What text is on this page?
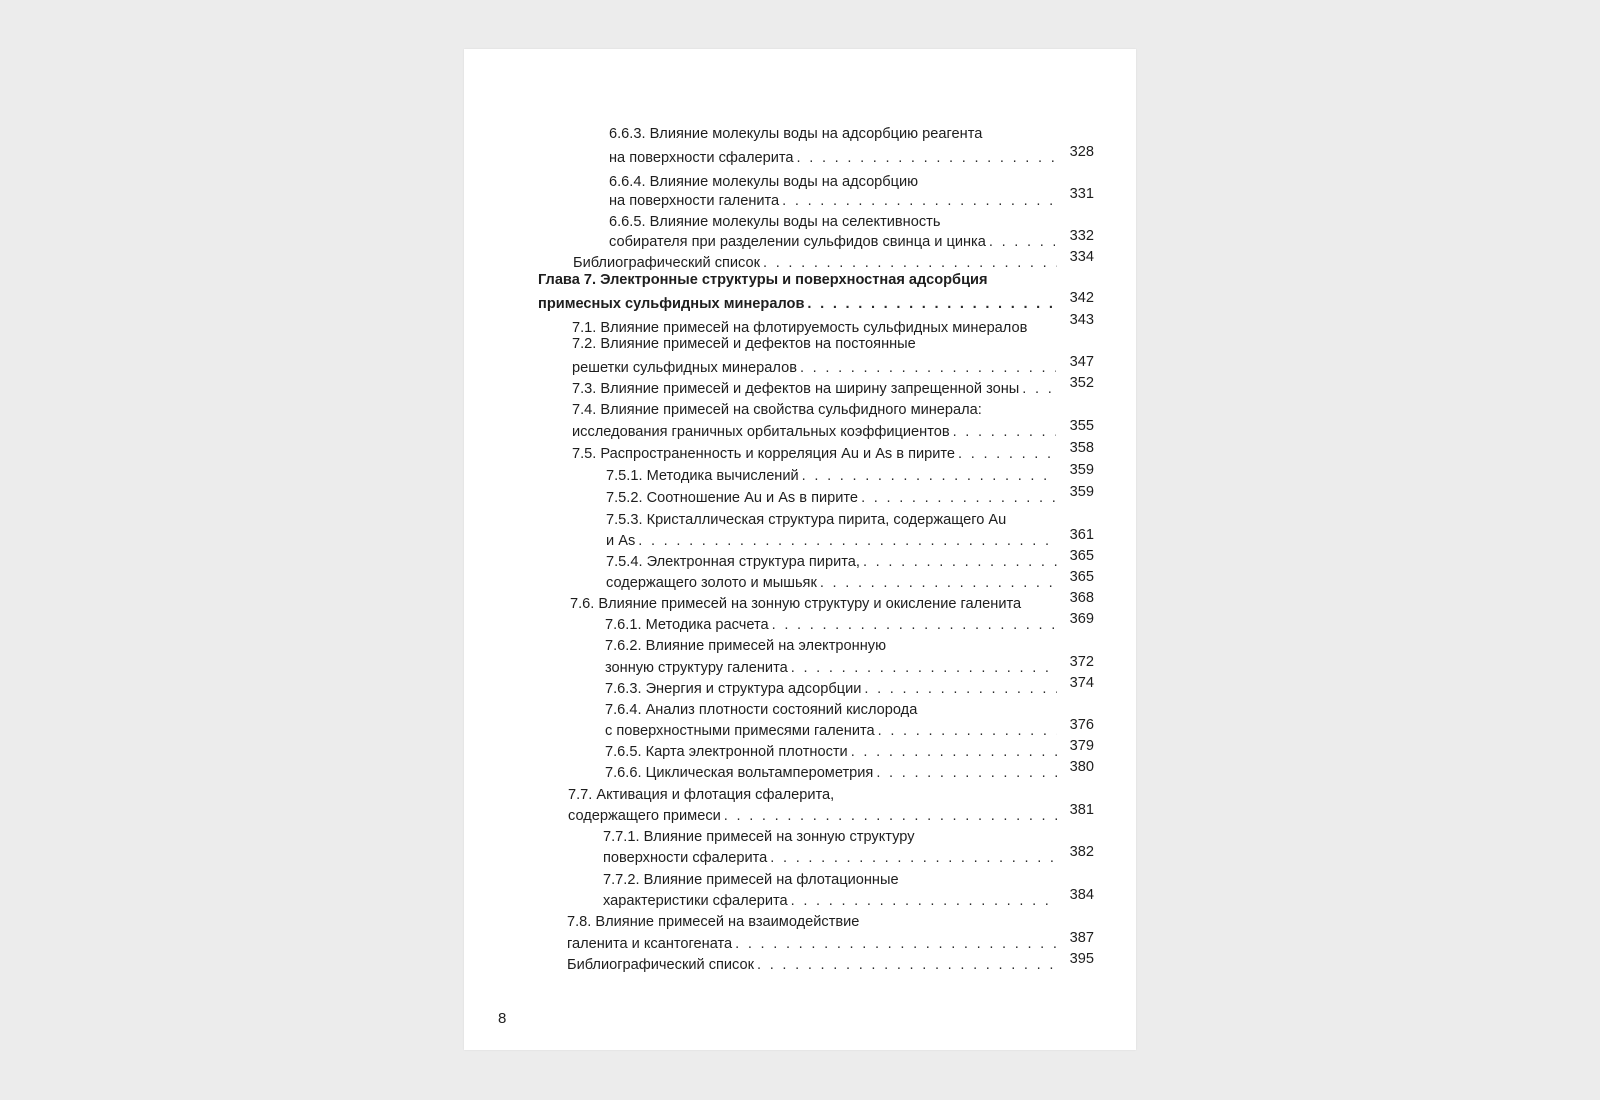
6.6.3. Влияние молекулы воды на адсорбцию реагента
на поверхности сфалерита . . .	328
6.6.4. Влияние молекулы воды на адсорбцию
на поверхности галенита . . .	331
6.6.5. Влияние молекулы воды на селективность
собирателя при разделении сульфидов свинца и цинка . . .	332
Библиографический список . . .	334
Глава 7. Электронные структуры и поверхностная адсорбция
примесных сульфидных минералов . . .	342
7.1. Влияние примесей на флотируемость сульфидных минералов	343
7.2. Влияние примесей и дефектов на постоянные
решетки сульфидных минералов . . .	347
7.3. Влияние примесей и дефектов на ширину запрещенной зоны . . .	352
7.4. Влияние примесей на свойства сульфидного минерала:
исследования граничных орбитальных коэффициентов . . .	355
7.5. Распространенность и корреляция Au и As в пирите . . .	358
7.5.1. Методика вычислений . . .	359
7.5.2. Соотношение Au и As в пирите . . .	359
7.5.3. Кристаллическая структура пирита, содержащего Au
и As . . .	361
7.5.4. Электронная структура пирита, . . .	365
содержащего золото и мышьяк . . .	365
7.6. Влияние примесей на зонную структуру и окисление галенита	368
7.6.1. Методика расчета . . .	369
7.6.2. Влияние примесей на электронную
зонную структуру галенита . . .	372
7.6.3. Энергия и структура адсорбции . . .	374
7.6.4. Анализ плотности состояний кислорода
с поверхностными примесями галенита . . .	376
7.6.5. Карта электронной плотности . . .	379
7.6.6. Циклическая вольтамперометрия . . .	380
7.7. Активация и флотация сфалерита,
содержащего примеси . . .	381
7.7.1. Влияние примесей на зонную структуру
поверхности сфалерита . . .	382
7.7.2. Влияние примесей на флотационные
характеристики сфалерита . . .	384
7.8. Влияние примесей на взаимодействие
галенита и ксантогената . . .	387
Библиографический список . . .	395
8
